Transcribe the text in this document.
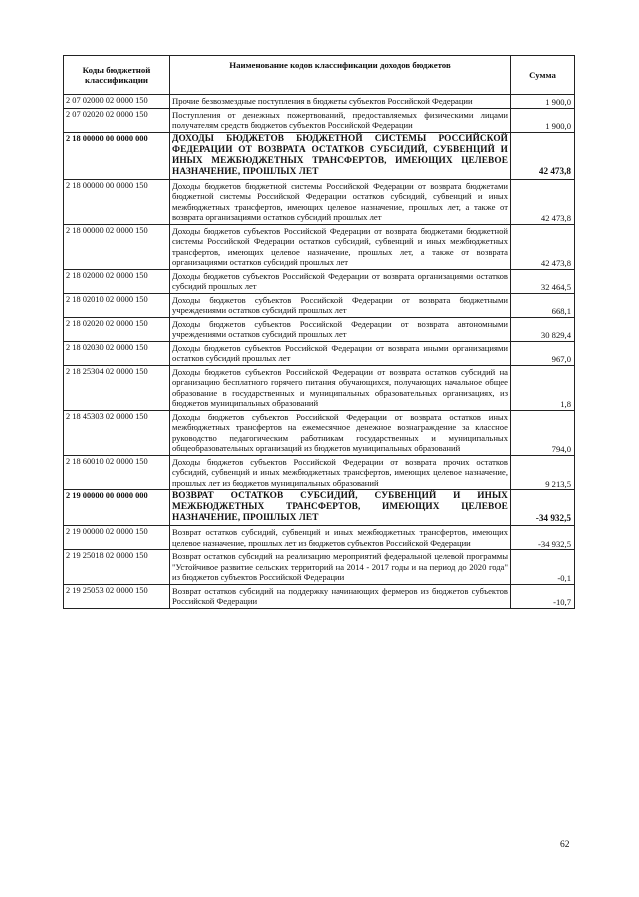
Коды бюджетной классификации	Наименование кодов классификации доходов бюджетов	Сумма
2 07 02000 02 0000 150	Прочие безвозмездные поступления в бюджеты субъектов Российской Федерации	1 900,0
2 07 02020 02 0000 150	Поступления от денежных пожертвований, предоставляемых физическими лицами получателям средств бюджетов субъектов Российской Федерации	1 900,0
2 18 00000 00 0000 000	ДОХОДЫ БЮДЖЕТОВ БЮДЖЕТНОЙ СИСТЕМЫ РОССИЙСКОЙ ФЕДЕРАЦИИ ОТ ВОЗВРАТА ОСТАТКОВ СУБСИДИЙ, СУБВЕНЦИЙ И ИНЫХ МЕЖБЮДЖЕТНЫХ ТРАНСФЕРТОВ, ИМЕЮЩИХ ЦЕЛЕВОЕ НАЗНАЧЕНИЕ, ПРОШЛЫХ ЛЕТ	42 473,8
2 18 00000 00 0000 150	Доходы бюджетов бюджетной системы Российской Федерации от возврата бюджетами бюджетной системы Российской Федерации остатков субсидий, субвенций и иных межбюджетных трансфертов, имеющих целевое назначение, прошлых лет, а также от возврата организациями остатков субсидий прошлых лет	42 473,8
2 18 00000 02 0000 150	Доходы бюджетов субъектов Российской Федерации от возврата бюджетами бюджетной системы Российской Федерации остатков субсидий, субвенций и иных межбюджетных трансфертов, имеющих целевое назначение, прошлых лет, а также от возврата организациями остатков субсидий прошлых лет	42 473,8
2 18 02000 02 0000 150	Доходы бюджетов субъектов Российской Федерации от возврата организациями остатков субсидий прошлых лет	32 464,5
2 18 02010 02 0000 150	Доходы бюджетов субъектов Российской Федерации от возврата бюджетными учреждениями остатков субсидий прошлых лет	668,1
2 18 02020 02 0000 150	Доходы бюджетов субъектов Российской Федерации от возврата автономными учреждениями остатков субсидий прошлых лет	30 829,4
2 18 02030 02 0000 150	Доходы бюджетов субъектов Российской Федерации от возврата иными организациями остатков субсидий прошлых лет	967,0
2 18 25304 02 0000 150	Доходы бюджетов субъектов Российской Федерации от возврата остатков субсидий на организацию бесплатного горячего питания обучающихся, получающих начальное общее образование в государственных и муниципальных образовательных организациях, из бюджетов муниципальных образований	1,8
2 18 45303 02 0000 150	Доходы бюджетов субъектов Российской Федерации от возврата остатков иных межбюджетных трансфертов на ежемесячное денежное вознаграждение за классное руководство педагогическим работникам государственных и муниципальных общеобразовательных организаций из бюджетов муниципальных образований	794,0
2 18 60010 02 0000 150	Доходы бюджетов субъектов Российской Федерации от возврата прочих остатков субсидий, субвенций и иных межбюджетных трансфертов, имеющих целевое назначение, прошлых лет из бюджетов муниципальных образований	9 213,5
2 19 00000 00 0000 000	ВОЗВРАТ ОСТАТКОВ СУБСИДИЙ, СУБВЕНЦИЙ И ИНЫХ МЕЖБЮДЖЕТНЫХ ТРАНСФЕРТОВ, ИМЕЮЩИХ ЦЕЛЕВОЕ НАЗНАЧЕНИЕ, ПРОШЛЫХ ЛЕТ	-34 932,5
2 19 00000 02 0000 150	Возврат остатков субсидий, субвенций и иных межбюджетных трансфертов, имеющих целевое назначение, прошлых лет из бюджетов субъектов Российской Федерации	-34 932,5
2 19 25018 02 0000 150	Возврат остатков субсидий на реализацию мероприятий федеральной целевой программы "Устойчивое развитие сельских территорий на 2014 - 2017 годы и на период до 2020 года" из бюджетов субъектов Российской Федерации	-0,1
2 19 25053 02 0000 150	Возврат остатков субсидий на поддержку начинающих фермеров из бюджетов субъектов Российской Федерации	-10,7
62
